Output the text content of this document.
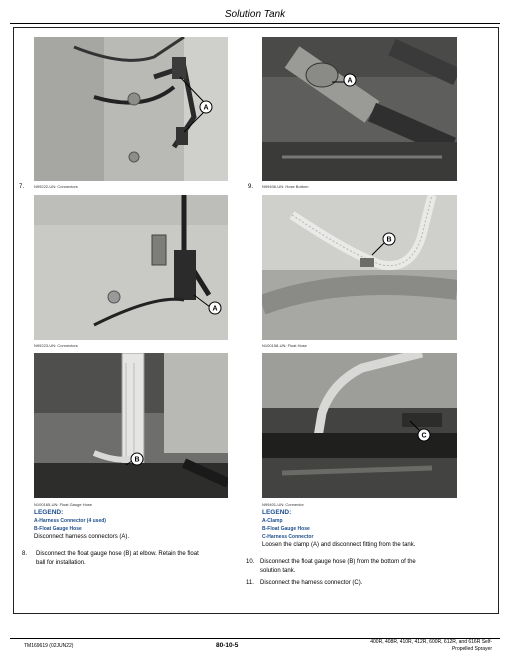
Solution Tank
7.
A
N99222-UN: Connectors	9.
A
N99406-UN: Hose Bottom
A
N99223-UN: Connectors
B
N100158-UN: Float Hose
B
N100165-UN: Float Gauge Hose
C
N99401-UN: Connector
LEGEND:
A-Harness Connector (4 used)
B-Float Gauge Hose
Disconnect harness connectors (A).
LEGEND:
A-Clamp
B-Float Gauge Hose
C-Harness Connector
Loosen the clamp (A) and disconnect fitting from the tank.
8. Disconnect the float gauge hose (B) at elbow. Retain the float
ball for installation.	10. Disconnect the float gauge hose (B) from the bottom of the
solution tank.
11. Disconnect the harness connector (C).
TM169619 (02JUN22)	80-10-5	400R, 408R, 410R, 412R, 600R, 612R, and 616R Self-
Propelled Sprayer
